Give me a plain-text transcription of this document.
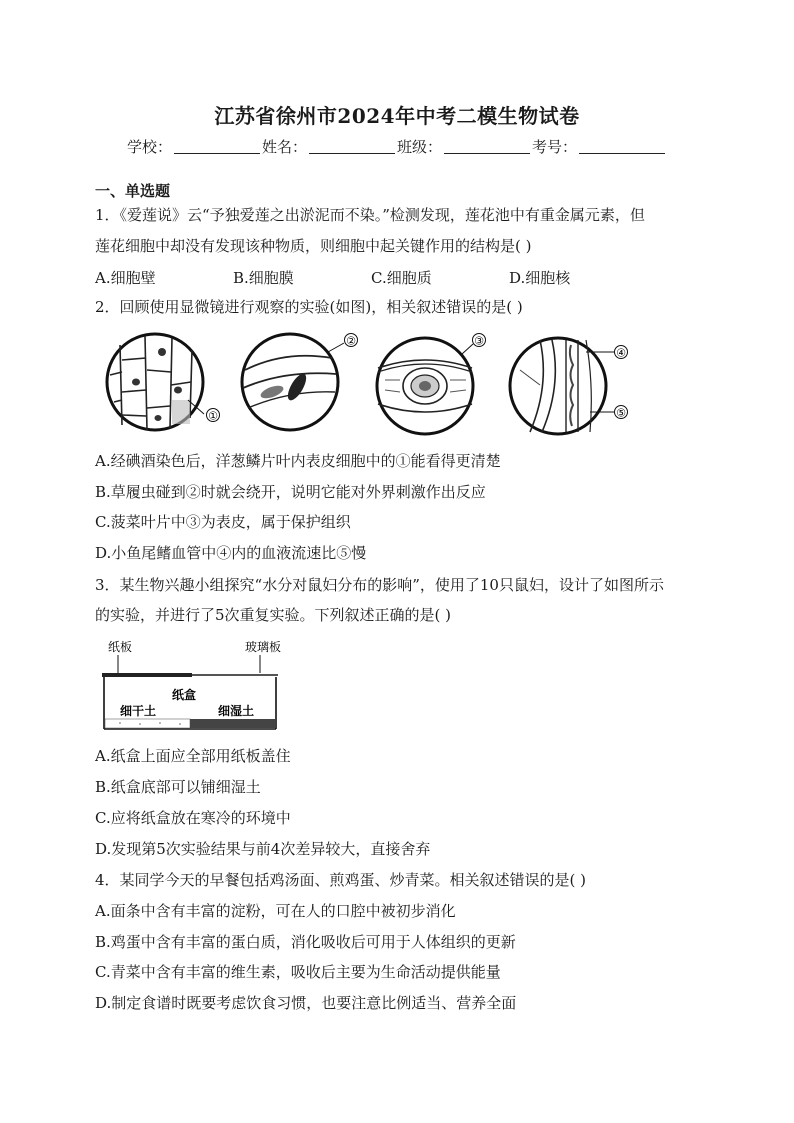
江苏省徐州市2024年中考二模生物试卷
学校：	姓名：	班级：	考号：
一、单选题
1．《爱莲说》云“予独爱莲之出淤泥而不染。”检测发现，莲花池中有重金属元素，但
莲花细胞中却没有发现该种物质，则细胞中起关键作用的结构是( )
A.细胞壁	B.细胞膜	C.细胞质	D.细胞核
2．回顾使用显微镜进行观察的实验(如图)，相关叙述错误的是( )
①
②	③
④
⑤
A.经碘酒染色后，洋葱鳞片叶内表皮细胞中的①能看得更清楚
B.草履虫碰到②时就会绕开，说明它能对外界刺激作出反应
C.菠菜叶片中③为表皮，属于保护组织
D.小鱼尾鳍血管中④内的血液流速比⑤慢
3．某生物兴趣小组探究“水分对鼠妇分布的影响”，使用了10只鼠妇，设计了如图所示
的实验，并进行了5次重复实验。下列叙述正确的是( )
纸板	玻璃板
纸盒
细干土	细湿土
A.纸盒上面应全部用纸板盖住
B.纸盒底部可以铺细湿土
C.应将纸盒放在寒冷的环境中
D.发现第5次实验结果与前4次差异较大，直接舍弃
4．某同学今天的早餐包括鸡汤面、煎鸡蛋、炒青菜。相关叙述错误的是( )
A.面条中含有丰富的淀粉，可在人的口腔中被初步消化
B.鸡蛋中含有丰富的蛋白质，消化吸收后可用于人体组织的更新
C.青菜中含有丰富的维生素，吸收后主要为生命活动提供能量
D.制定食谱时既要考虑饮食习惯，也要注意比例适当、营养全面
